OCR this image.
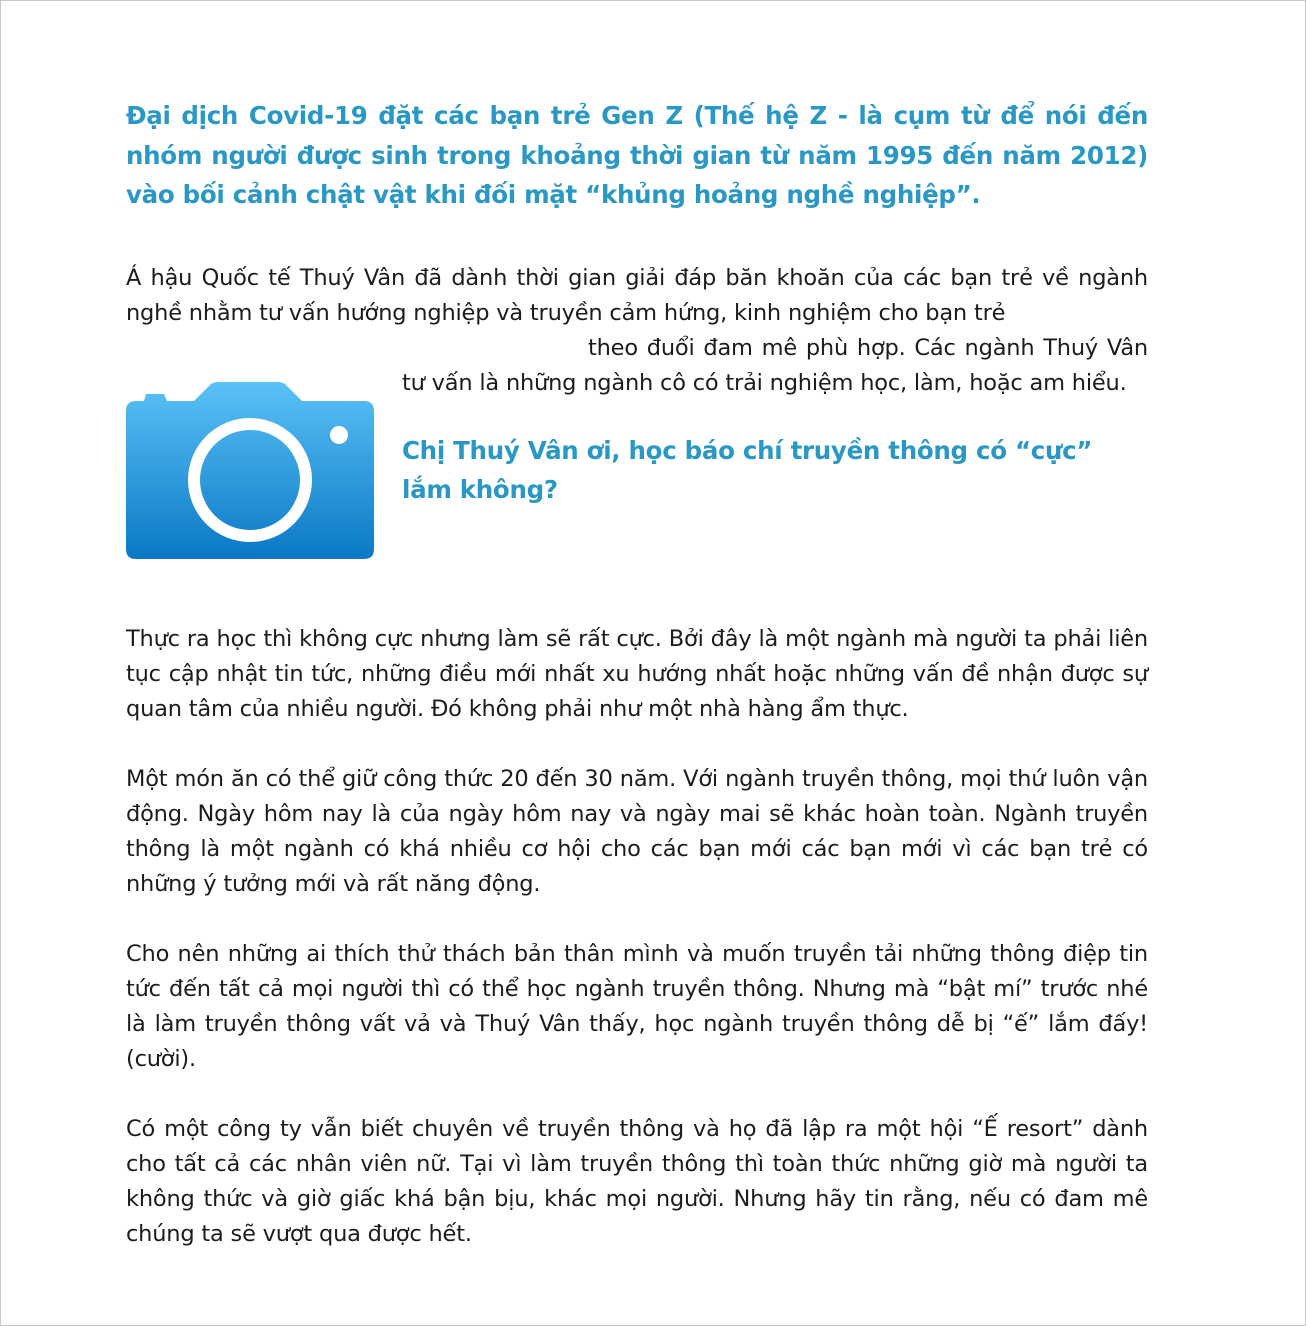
Đại dịch Covid-19 đặt các bạn trẻ Gen Z (Thế hệ Z - là cụm từ để nói đến nhóm người được sinh trong khoảng thời gian từ năm 1995 đến năm 2012) vào bối cảnh chật vật khi đối mặt “khủng hoảng nghề nghiệp”.

Á hậu Quốc tế Thuý Vân đã dành thời gian giải đáp băn khoăn của các bạn trẻ về ngành nghề nhằm tư vấn hướng nghiệp và truyền cảm hứng, kinh nghiệm cho bạn trẻ

theo đuổi đam mê phù hợp. Các ngành Thuý Vân tư vấn là những ngành cô có trải nghiệm học, làm, hoặc am hiểu.

Chị Thuý Vân ơi, học báo chí truyền thông có “cực” lắm không?

Thực ra học thì không cực nhưng làm sẽ rất cực. Bởi đây là một ngành mà người ta phải liên tục cập nhật tin tức, những điều mới nhất xu hướng nhất hoặc những vấn đề nhận được sự quan tâm của nhiều người. Đó không phải như một nhà hàng ẩm thực.

Một món ăn có thể giữ công thức 20 đến 30 năm. Với ngành truyền thông, mọi thứ luôn vận động. Ngày hôm nay là của ngày hôm nay và ngày mai sẽ khác hoàn toàn. Ngành truyền thông là một ngành có khá nhiều cơ hội cho các bạn mới các bạn mới vì các bạn trẻ có những ý tưởng mới và rất năng động.

Cho nên những ai thích thử thách bản thân mình và muốn truyền tải những thông điệp tin tức đến tất cả mọi người thì có thể học ngành truyền thông. Nhưng mà “bật mí” trước nhé là làm truyền thông vất vả và Thuý Vân thấy, học ngành truyền thông dễ bị “ế” lắm đấy! (cười).

Có một công ty vẫn biết chuyên về truyền thông và họ đã lập ra một hội “Ế resort” dành cho tất cả các nhân viên nữ. Tại vì làm truyền thông thì toàn thức những giờ mà người ta không thức và giờ giấc khá bận bịu, khác mọi người. Nhưng hãy tin rằng, nếu có đam mê chúng ta sẽ vượt qua được hết.
